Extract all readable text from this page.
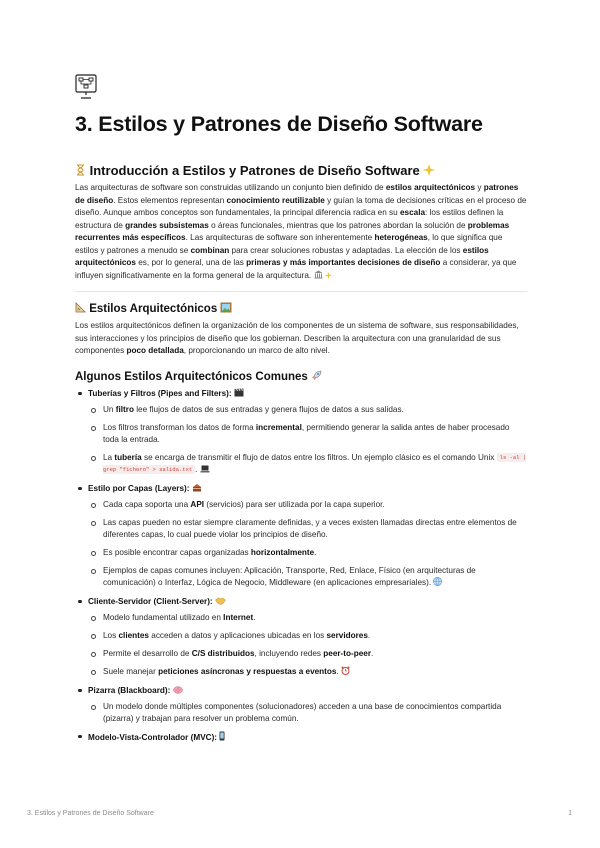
3. Estilos y Patrones de Diseño Software
Introducción a Estilos y Patrones de Diseño Software

Las arquitecturas de software son construidas utilizando un conjunto bien definido de estilos arquitectónicos y patrones de diseño. Estos elementos representan conocimiento reutilizable y guían la toma de decisiones críticas en el proceso de diseño. Aunque ambos conceptos son fundamentales, la principal diferencia radica en su escala: los estilos definen la estructura de grandes subsistemas o áreas funcionales, mientras que los patrones abordan la solución de problemas recurrentes más específicos. Las arquitecturas de software son inherentemente heterogéneas, lo que significa que estilos y patrones a menudo se combinan para crear soluciones robustas y adaptadas. La elección de los estilos arquitectónicos es, por lo general, una de las primeras y más importantes decisiones de diseño a considerar, ya que influyen significativamente en la forma general de la arquitectura.

Estilos Arquitectónicos

Los estilos arquitectónicos definen la organización de los componentes de un sistema de software, sus responsabilidades, sus interacciones y los principios de diseño que los gobiernan. Describen la arquitectura con una granularidad de sus componentes poco detallada, proporcionando un marco de alto nivel.

Algunos Estilos Arquitectónicos Comunes
Tuberías y Filtros (Pipes and Filters):
Un filtro lee flujos de datos de sus entradas y genera flujos de datos a sus salidas.
Los filtros transforman los datos de forma incremental, permitiendo generar la salida antes de haber procesado toda la entrada.
La tubería se encarga de transmitir el flujo de datos entre los filtros. Un ejemplo clásico es el comando Unix ls -al | grep "fichero" > salida.txt .
Estilo por Capas (Layers):
Cada capa soporta una API (servicios) para ser utilizada por la capa superior.
Las capas pueden no estar siempre claramente definidas, y a veces existen llamadas directas entre elementos de diferentes capas, lo cual puede violar los principios de diseño.
Es posible encontrar capas organizadas horizontalmente.
Ejemplos de capas comunes incluyen: Aplicación, Transporte, Red, Enlace, Físico (en arquitecturas de comunicación) o Interfaz, Lógica de Negocio, Middleware (en aplicaciones empresariales).
Cliente-Servidor (Client-Server):
Modelo fundamental utilizado en Internet.
Los clientes acceden a datos y aplicaciones ubicadas en los servidores.
Permite el desarrollo de C/S distribuidos, incluyendo redes peer-to-peer.
Suele manejar peticiones asíncronas y respuestas a eventos.
Pizarra (Blackboard):
Un modelo donde múltiples componentes (solucionadores) acceden a una base de conocimientos compartida (pizarra) y trabajan para resolver un problema común.
Modelo-Vista-Controlador (MVC):
3. Estilos y Patrones de Diseño Software	1
